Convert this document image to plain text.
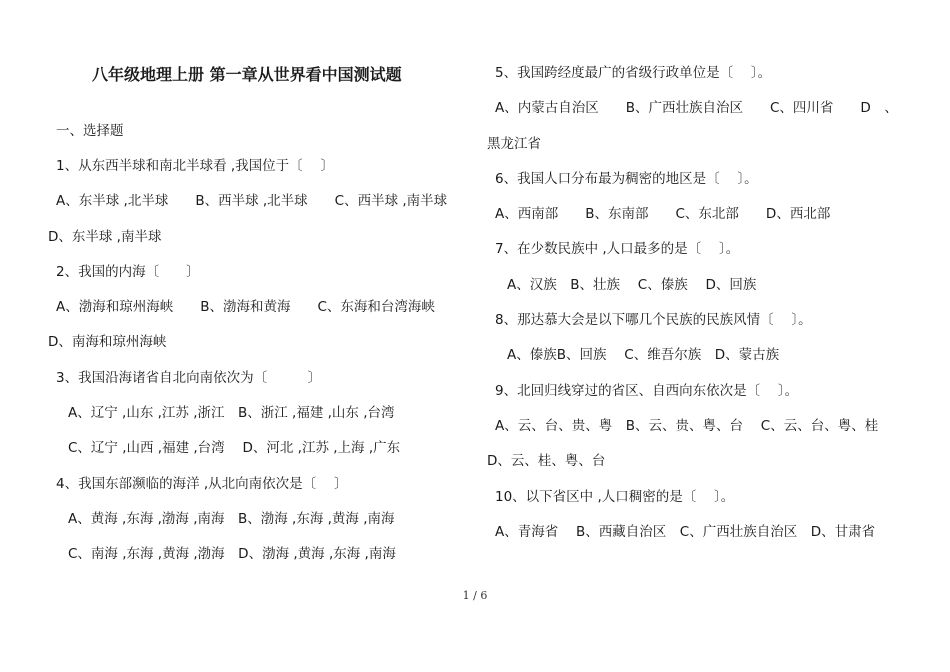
八年级地理上册 第一章从世界看中国测试题
一、选择题
1、从东西半球和南北半球看 ,我国位于〔　 〕
A、东半球 ,北半球　　B、西半球 ,北半球　　C、西半球 ,南半球
D、东半球 ,南半球
2、我国的内海〔　　〕
A、渤海和琼州海峡　　B、渤海和黄海　　C、东海和台湾海峡
D、南海和琼州海峡
3、我国沿海诸省自北向南依次为〔　　　〕
A、辽宁 ,山东 ,江苏 ,浙江　B、浙江 ,福建 ,山东 ,台湾
C、辽宁 ,山西 ,福建 ,台湾　 D、河北 ,江苏 ,上海 ,广东
4、我国东部濒临的海洋 ,从北向南依次是〔　 〕
A、黄海 ,东海 ,渤海 ,南海　B、渤海 ,东海 ,黄海 ,南海
C、南海 ,东海 ,黄海 ,渤海　D、渤海 ,黄海 ,东海 ,南海
5、我国跨经度最广的省级行政单位是〔　 〕。
A、内蒙古自治区　　B、广西壮族自治区　　C、四川省　　D　、
黑龙江省
6、我国人口分布最为稠密的地区是〔　 〕。
A、西南部　　B、东南部　　C、东北部　　D、西北部
7、在少数民族中 ,人口最多的是〔　 〕。
A、汉族　B、壮族　 C、傣族　 D、回族
8、那达慕大会是以下哪几个民族的民族风情〔　 〕。
A、傣族B、回族　 C、维吾尔族　D、蒙古族
9、北回归线穿过的省区、自西向东依次是〔　 〕。
A、云、台、贵、粤　B、云、贵、粤、台　 C、云、台、粤、桂
D、云、桂、粤、台
10、以下省区中 ,人口稠密的是〔　 〕。
A、青海省　 B、西藏自治区　C、广西壮族自治区　D、甘肃省
1 / 6
